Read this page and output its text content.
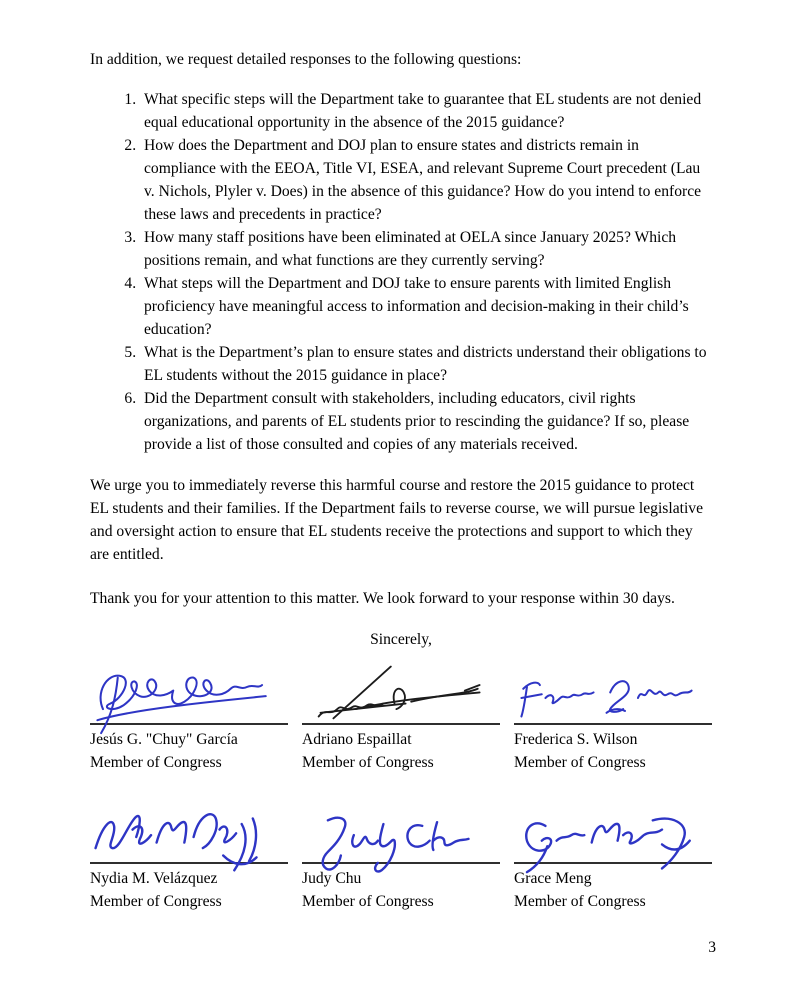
In addition, we request detailed responses to the following questions:

1. What specific steps will the Department take to guarantee that EL students are not denied equal educational opportunity in the absence of the 2015 guidance?
2. How does the Department and DOJ plan to ensure states and districts remain in compliance with the EEOA, Title VI, ESEA, and relevant Supreme Court precedent (Lau v. Nichols, Plyler v. Does) in the absence of this guidance? How do you intend to enforce these laws and precedents in practice?
3. How many staff positions have been eliminated at OELA since January 2025? Which positions remain, and what functions are they currently serving?
4. What steps will the Department and DOJ take to ensure parents with limited English proficiency have meaningful access to information and decision-making in their child’s education?
5. What is the Department’s plan to ensure states and districts understand their obligations to EL students without the 2015 guidance in place?
6. Did the Department consult with stakeholders, including educators, civil rights organizations, and parents of EL students prior to rescinding the guidance? If so, please provide a list of those consulted and copies of any materials received.

We urge you to immediately reverse this harmful course and restore the 2015 guidance to protect EL students and their families. If the Department fails to reverse course, we will pursue legislative and oversight action to ensure that EL students receive the protections and support to which they are entitled.

Thank you for your attention to this matter. We look forward to your response within 30 days.

Sincerely,

Jesús G. "Chuy" García
Member of Congress
Adriano Espaillat
Member of Congress
Frederica S. Wilson
Member of Congress
Nydia M. Velázquez
Member of Congress
Judy Chu
Member of Congress
Grace Meng
Member of Congress
3
